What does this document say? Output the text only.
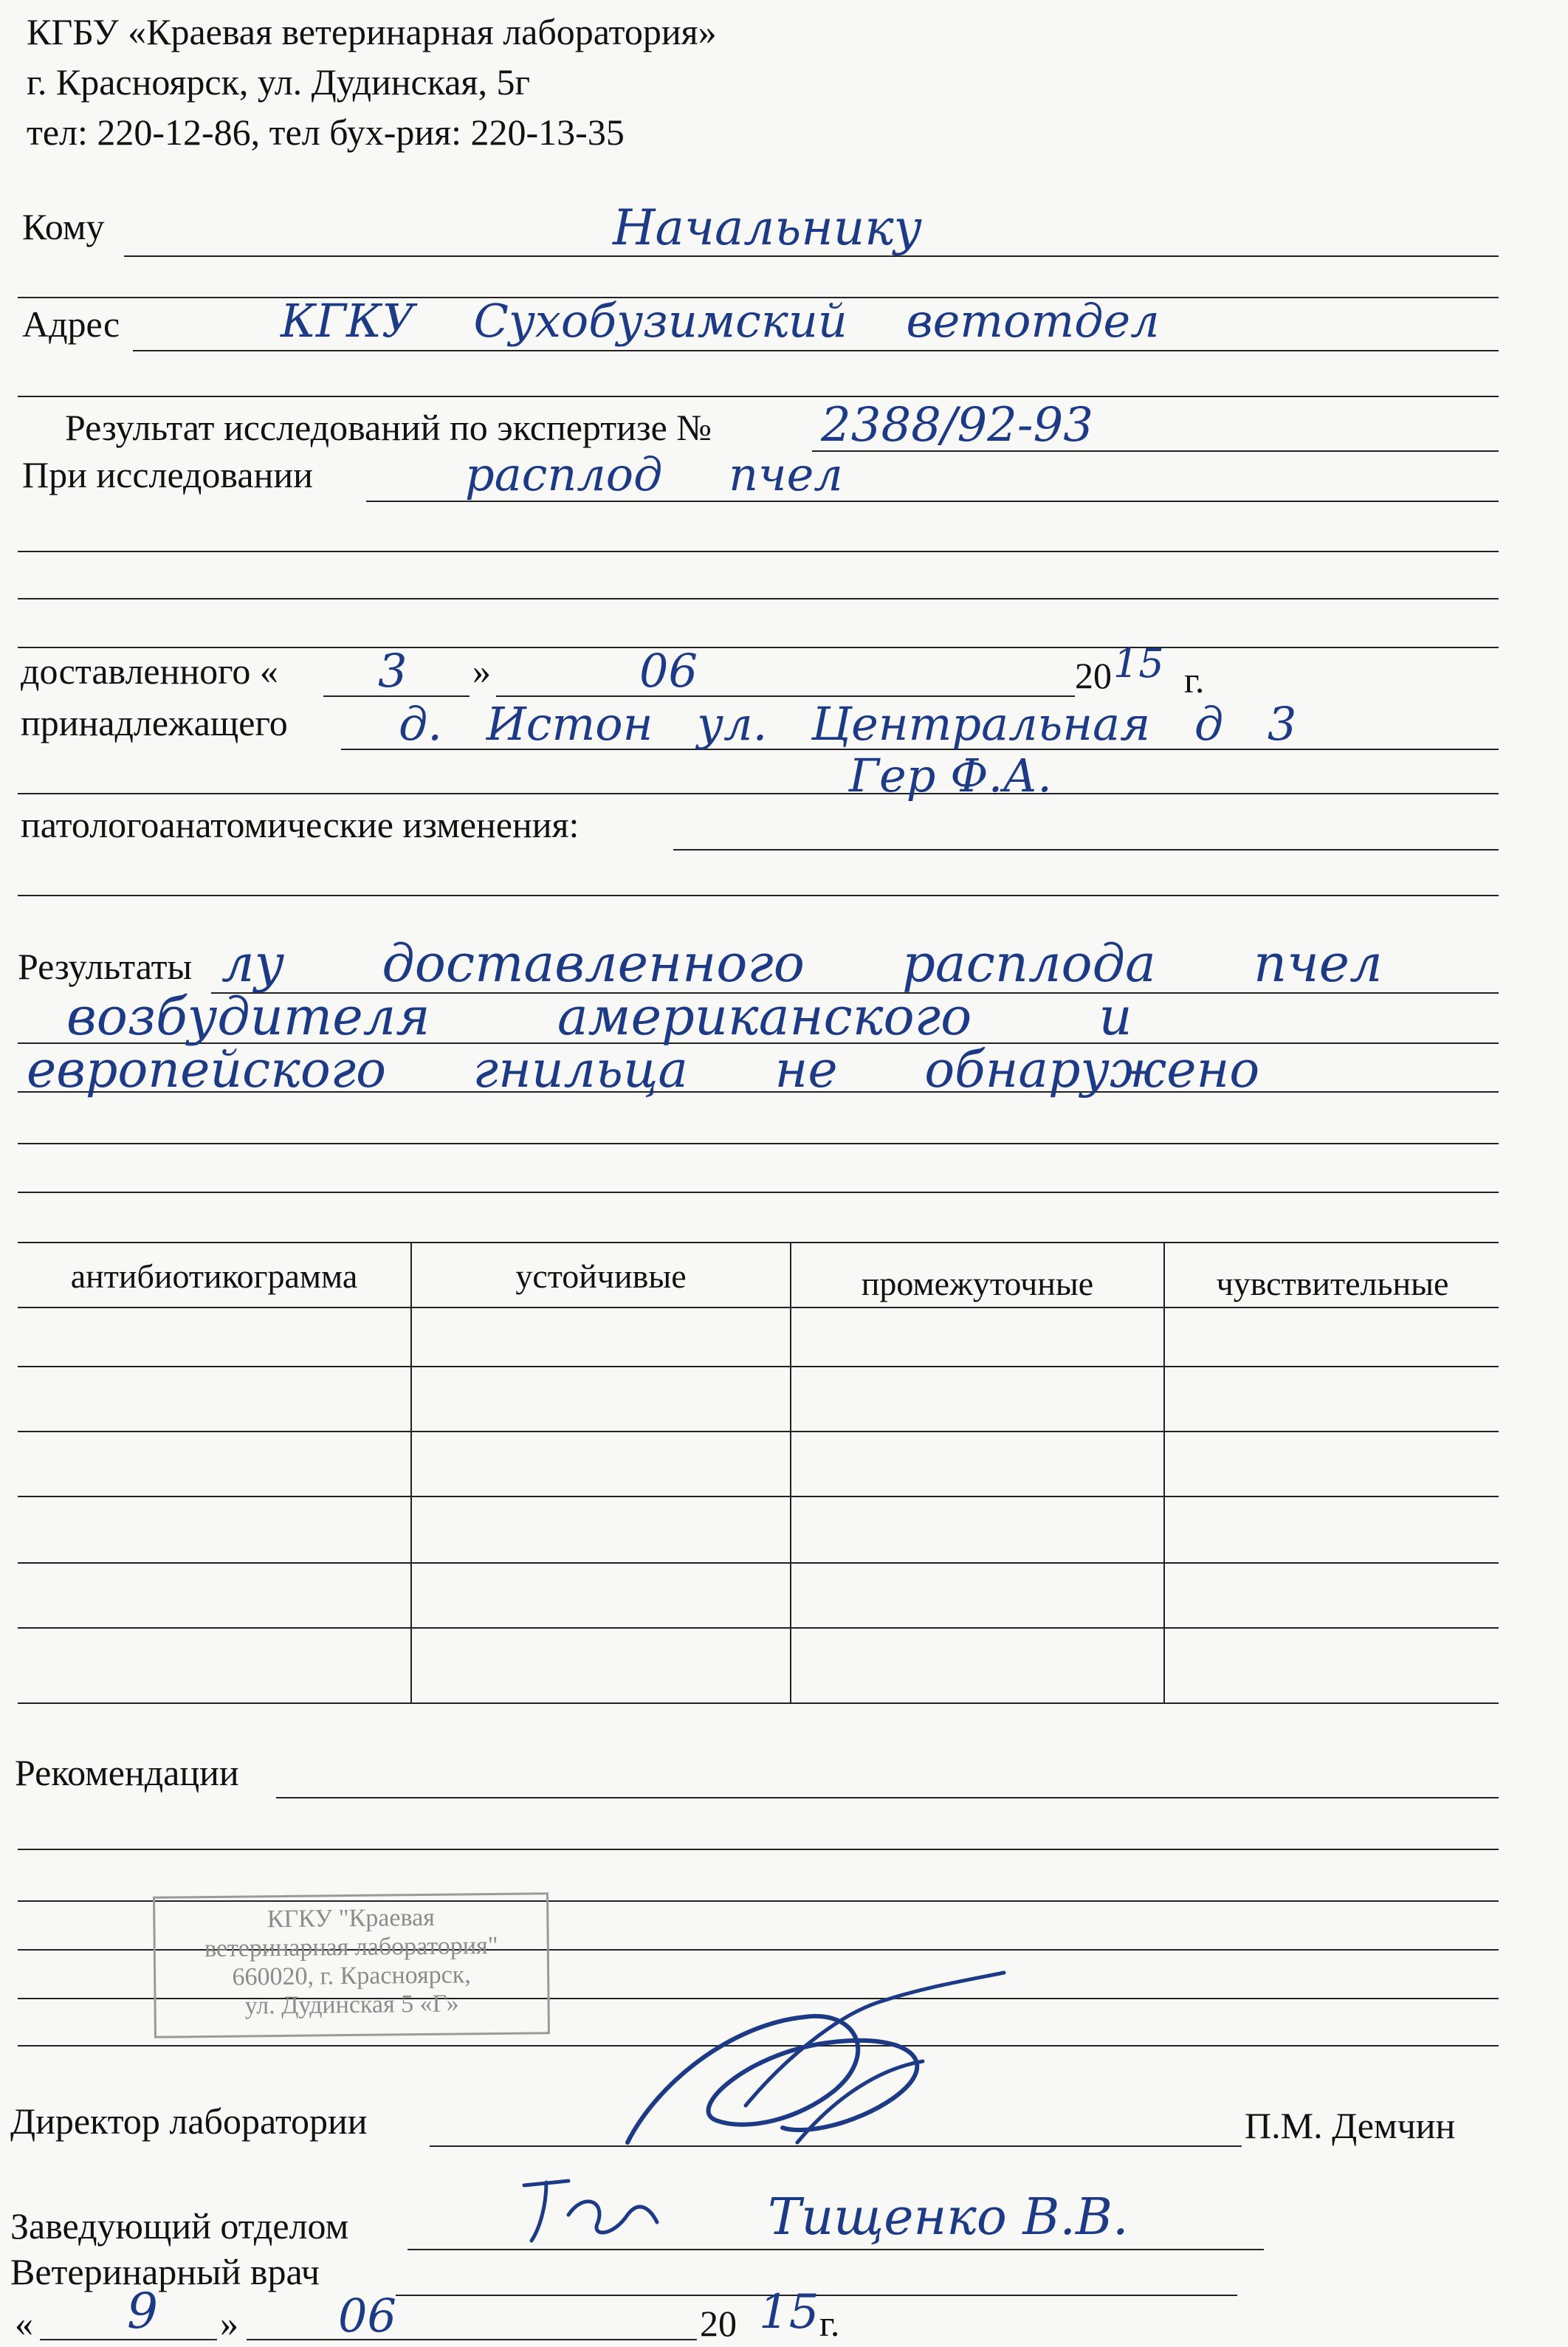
КГБУ «Краевая ветеринарная лаборатория»
г. Красноярск, ул. Дудинская, 5г
тел: 220-12-86, тел бух-рия: 220-13-35
Кому	Начальнику
Адрес	КГКУ Сухобузимский ветотдел
Результат исследований по экспертизе № 2388/92-93
При исследовании	расплод пчел
доставленного « 3 »	06	20 15 г.
принадлежащего д. Истон ул. Центральная д 3
Гер Ф.А.
патологоанатомические изменения:
Результаты лу доставленного расплода пчел
возбудителя американского и
европейского гнильца не обнаружено
антибиотикограмма	устойчивые	промежуточные	чувствительные
Рекомендации
КГКУ "Краевая
ветеринарная лаборатория"
660020, г. Красноярск,
ул. Дудинская 5 «Г»
Директор лаборатории	П.М. Демчин
Заведующий отделом	Тищенко В.В.
Ветеринарный врач
« 9 » 06	20 15 г.
